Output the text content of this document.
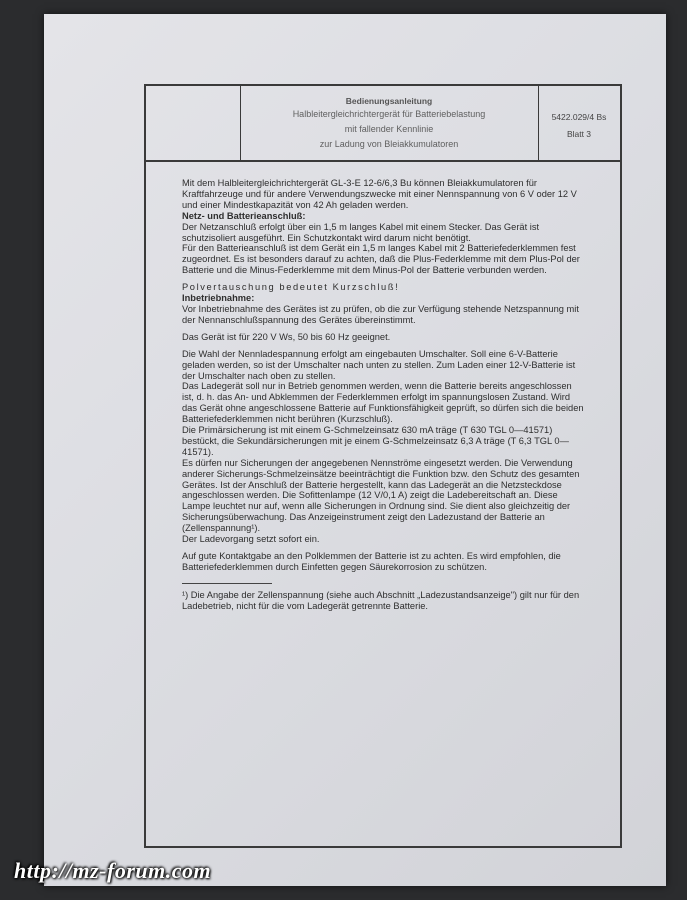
Bedienungsanleitung
Halbleitergleichrichtergerät für Batteriebelastung
mit fallender Kennlinie
zur Ladung von Bleiakkumulatoren
5422.029/4 Bs
Blatt 3

Mit dem Halbleitergleichrichtergerät GL-3-E 12-6/6,3 Bu können Bleiakkumulatoren für Kraftfahrzeuge und für andere Verwendungszwecke mit einer Nennspannung von 6 V oder 12 V und einer Mindestkapazität von 42 Ah geladen werden.

Netz- und Batterieanschluß:

Der Netzanschluß erfolgt über ein 1,5 m langes Kabel mit einem Stecker. Das Gerät ist schutzisoliert ausgeführt. Ein Schutzkontakt wird darum nicht benötigt.

Für den Batterieanschluß ist dem Gerät ein 1,5 m langes Kabel mit 2 Batteriefederklemmen fest zugeordnet. Es ist besonders darauf zu achten, daß die Plus-Federklemme mit dem Plus-Pol der Batterie und die Minus-Federklemme mit dem Minus-Pol der Batterie verbunden werden.

Polvertauschung bedeutet Kurzschluß!

Inbetriebnahme:

Vor Inbetriebnahme des Gerätes ist zu prüfen, ob die zur Verfügung stehende Netzspannung mit der Nennanschlußspannung des Gerätes übereinstimmt.

Das Gerät ist für 220 V Ws, 50 bis 60 Hz geeignet.

Die Wahl der Nennladespannung erfolgt am eingebauten Umschalter. Soll eine 6-V-Batterie geladen werden, so ist der Umschalter nach unten zu stellen. Zum Laden einer 12-V-Batterie ist der Umschalter nach oben zu stellen.

Das Ladegerät soll nur in Betrieb genommen werden, wenn die Batterie bereits angeschlossen ist, d. h. das An- und Abklemmen der Federklemmen erfolgt im spannungslosen Zustand. Wird das Gerät ohne angeschlossene Batterie auf Funktionsfähigkeit geprüft, so dürfen sich die beiden Batteriefederklemmen nicht berühren (Kurzschluß).

Die Primärsicherung ist mit einem G-Schmelzeinsatz 630 mA träge (T 630 TGL 0—41571) bestückt, die Sekundärsicherungen mit je einem G-Schmelzeinsatz 6,3 A träge (T 6,3 TGL 0—41571).

Es dürfen nur Sicherungen der angegebenen Nennströme eingesetzt werden. Die Verwendung anderer Sicherungs-Schmelzeinsätze beeinträchtigt die Funktion bzw. den Schutz des gesamten Gerätes. Ist der Anschluß der Batterie hergestellt, kann das Ladegerät an die Netzsteckdose angeschlossen werden. Die Sofittenlampe (12 V/0,1 A) zeigt die Ladebereitschaft an. Diese Lampe leuchtet nur auf, wenn alle Sicherungen in Ordnung sind. Sie dient also gleichzeitig der Sicherungsüberwachung. Das Anzeigeinstrument zeigt den Ladezustand der Batterie an (Zellenspannung¹).

Der Ladevorgang setzt sofort ein.

Auf gute Kontaktgabe an den Polklemmen der Batterie ist zu achten. Es wird empfohlen, die Batteriefederklemmen durch Einfetten gegen Säurekorrosion zu schützen.

¹) Die Angabe der Zellenspannung (siehe auch Abschnitt „Ladezustandsanzeige") gilt nur für den Ladebetrieb, nicht für die vom Ladegerät getrennte Batterie.

http://mz-forum.com
